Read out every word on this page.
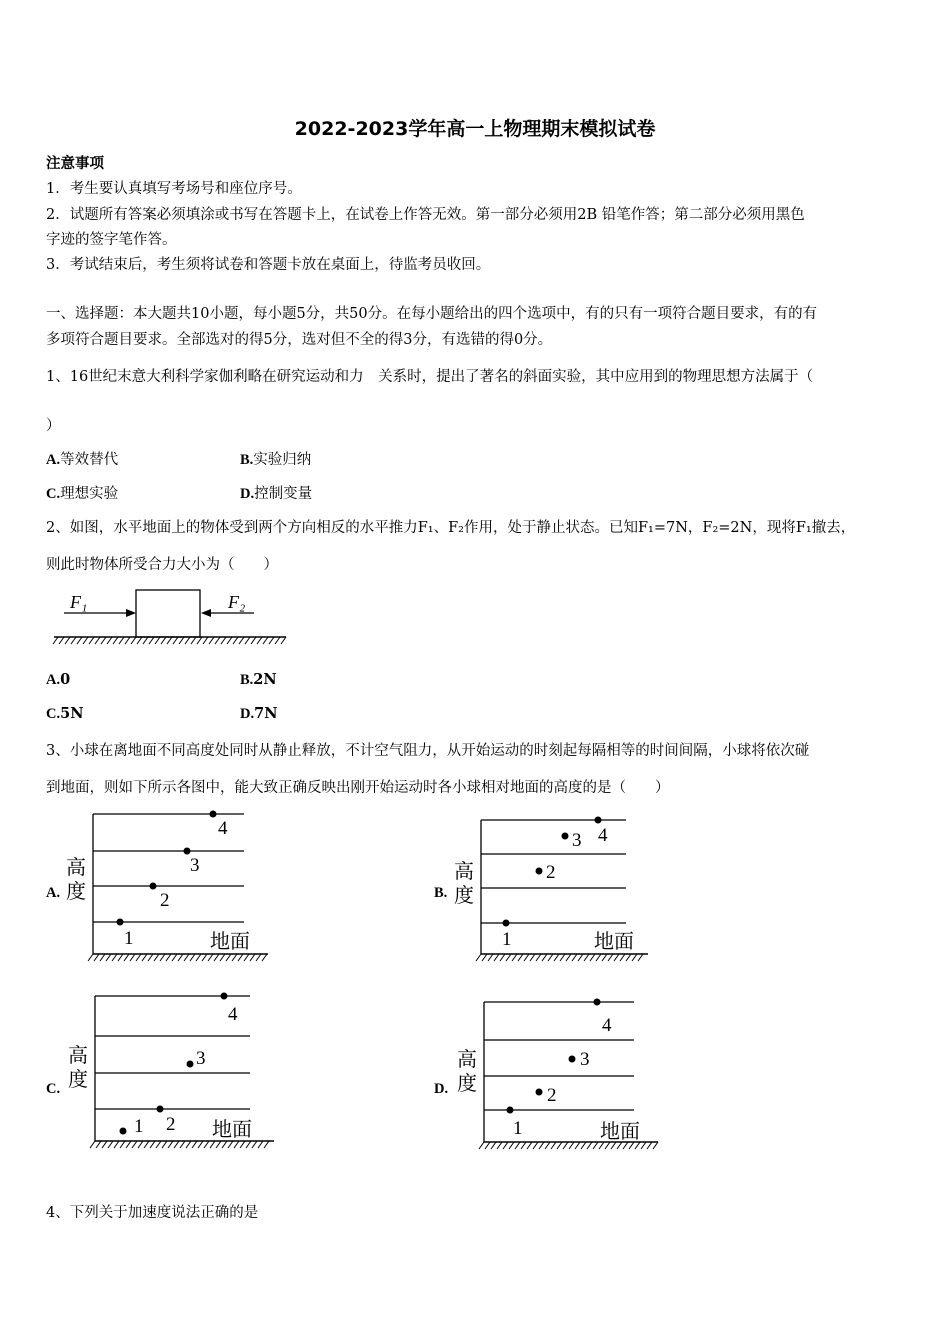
2022-2023学年高一上物理期末模拟试卷
注意事项
1．考生要认真填写考场号和座位序号。
2．试题所有答案必须填涂或书写在答题卡上，在试卷上作答无效。第一部分必须用2B 铅笔作答；第二部分必须用黑色
字迹的签字笔作答。
3．考试结束后，考生须将试卷和答题卡放在桌面上，待监考员收回。
一、选择题：本大题共10小题，每小题5分，共50分。在每小题给出的四个选项中，有的只有一项符合题目要求，有的有
多项符合题目要求。全部选对的得5分，选对但不全的得3分，有选错的得0分。
1、16世纪末意大利科学家伽利略在研究运动和力　关系时，提出了著名的斜面实验，其中应用到的物理思想方法属于（
）
A.等效替代	B.实验归纳
C.理想实验	D.控制变量
2、如图，水平地面上的物体受到两个方向相反的水平推力F₁、F₂作用，处于静止状态。已知F₁=7N，F₂=2N，现将F₁撤去，
则此时物体所受合力大小为（　　）
F₁	F₂
A.0	B.2N
C.5N	D.7N
3、小球在离地面不同高度处同时从静止释放，不计空气阻力，从开始运动的时刻起每隔相等的时间间隔，小球将依次碰
到地面，则如下所示各图中，能大致正确反映出刚开始运动时各小球相对地面的高度的是（　　）
A.
高
度
地面
4
3
2
1
B.
高
度
地面
4
3
2
1
C.
高
度
地面
4
3
2
1
D.
高
度
地面
4
3
2
1
4、下列关于加速度说法正确的是
